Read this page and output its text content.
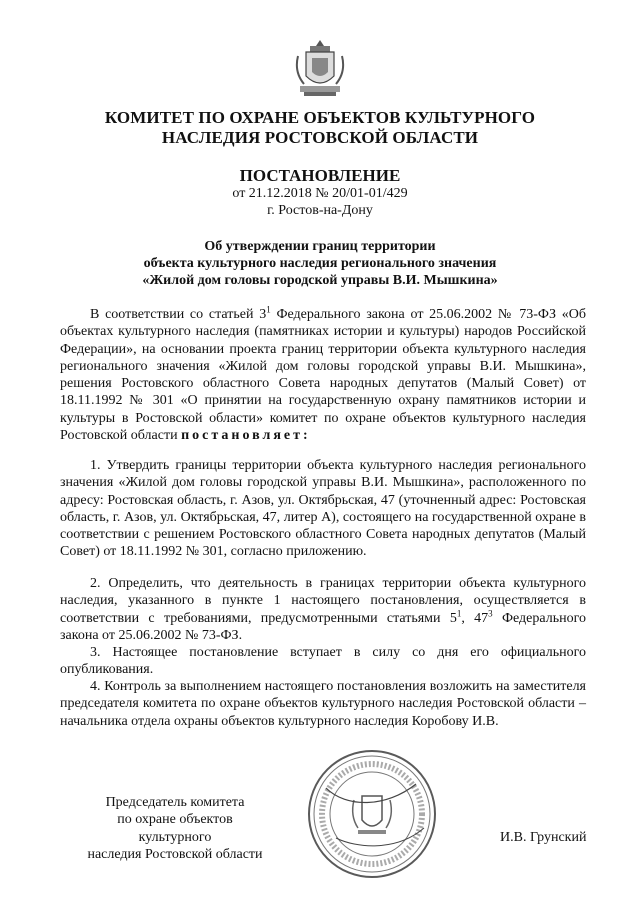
КОМИТЕТ ПО ОХРАНЕ ОБЪЕКТОВ КУЛЬТУРНОГО
НАСЛЕДИЯ РОСТОВСКОЙ ОБЛАСТИ
ПОСТАНОВЛЕНИЕ
от 21.12.2018 № 20/01-01/429
г. Ростов-на-Дону
Об утверждении границ территории
объекта культурного наследия регионального значения
«Жилой дом головы городской управы В.И. Мышкина»

В соответствии со статьей $3^1$ Федерального закона от 25.06.2002 № 73-ФЗ «Об объектах культурного наследия (памятниках истории и культуры) народов Российской Федерации», на основании проекта границ территории объекта культурного наследия регионального значения «Жилой дом головы городской управы В.И. Мышкина», решения Ростовского областного Совета народных депутатов (Малый Совет) от 18.11.1992 № 301 «О принятии на государственную охрану памятников истории и культуры в Ростовской области» комитет по охране объектов культурного наследия Ростовской области постановляет:

1. Утвердить границы территории объекта культурного наследия регионального значения «Жилой дом головы городской управы В.И. Мышкина», расположенного по адресу: Ростовская область, г. Азов, ул. Октябрьская, 47 (уточненный адрес: Ростовская область, г. Азов, ул. Октябрьская, 47, литер А), состоящего на государственной охране в соответствии с решением Ростовского областного Совета народных депутатов (Малый Совет) от 18.11.1992 № 301, согласно приложению.

2. Определить, что деятельность в границах территории объекта культурного наследия, указанного в пункте 1 настоящего постановления, осуществляется в соответствии с требованиями, предусмотренными статьями $5^1$, $47^3$ Федерального закона от 25.06.2002 № 73-ФЗ.

3. Настоящее постановление вступает в силу со дня его официального опубликования.

4. Контроль за выполнением настоящего постановления возложить на заместителя председателя комитета по охране объектов культурного наследия Ростовской области – начальника отдела охраны объектов культурного наследия Коробову И.В.

Председатель комитета
по охране объектов культурного
наследия Ростовской области
И.В. Грунский
